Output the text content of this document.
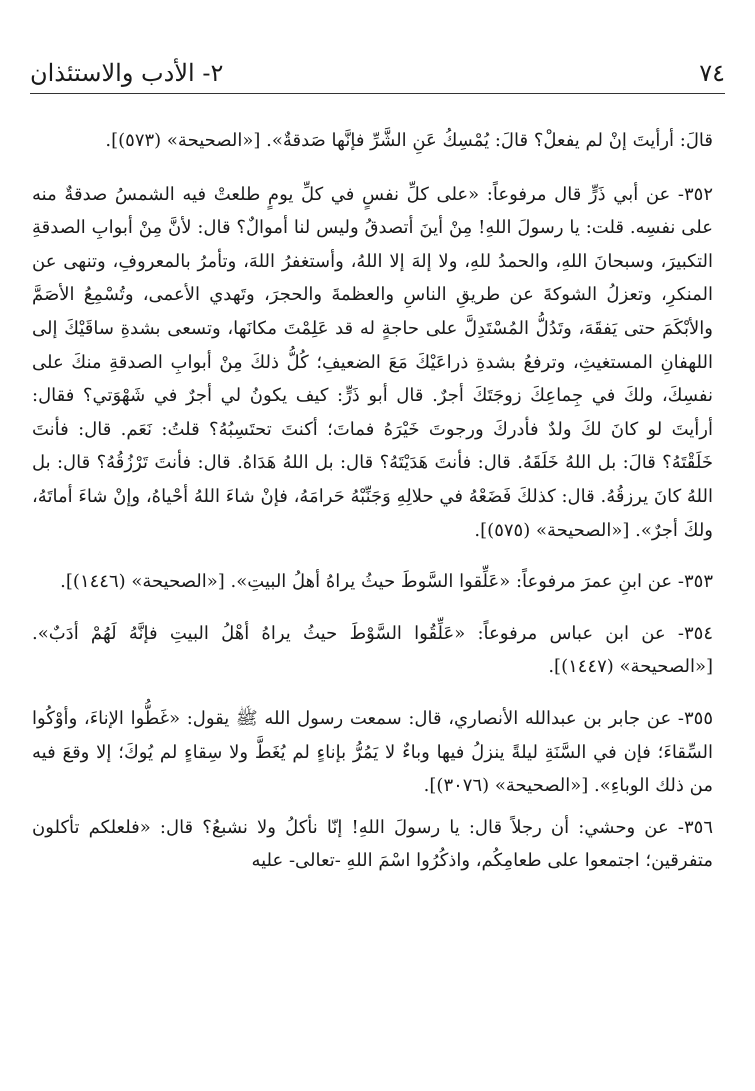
٧٤
٢- الأدب والاستئذان

قالَ: أرأيتَ إنْ لم يفعلْ؟ قالَ: يُمْسِكُ عَنِ الشَّرِّ فإنَّها صَدقةٌ». [«الصحيحة» (٥٧٣)].

٣٥٢- عن أبي ذَرٍّ قال مرفوعاً: «على كلِّ نفسٍ في كلِّ يومٍ طلعتْ فيه الشمسُ صدقةٌ منه على نفسِه. قلت: يا رسولَ اللهِ! مِنْ أينَ أتصدقُ وليس لنا أموالٌ؟ قال: لأنَّ مِنْ أبوابِ الصدقةِ التكبيرَ، وسبحانَ اللهِ، والحمدُ للهِ، ولا إلهَ إلا اللهُ، وأستغفرُ اللهَ، وتأمرُ بالمعروفِ، وتنهى عن المنكرِ، وتعزلُ الشوكةَ عن طريقِ الناسِ والعظمةَ والحجرَ، وتَهدي الأعمى، وتُسْمِعُ الأصَمَّ والأبْكَمَ حتى يَفقَهَ، وتَدُلُّ المُسْتَدِلَّ على حاجةٍ له قد عَلِمْتَ مكانَها، وتسعى بشدةِ ساقَيْكَ إلى اللهفانِ المستغيثِ، وترفعُ بشدةِ ذراعَيْكَ مَعَ الضعيفِ؛ كُلُّ ذلكَ مِنْ أبوابِ الصدقةِ منكَ على نفسِكَ، ولكَ في جِماعِكَ زوجَتَكَ أجرٌ. قال أبو ذَرٍّ: كيف يكونُ لي أجرٌ في شَهْوَتي؟ فقال: أرأيتَ لو كانَ لكَ ولدٌ فأدركَ ورجوتَ خَيْرَهُ فماتَ؛ أكنتَ تحتَسِبُهُ؟ قلتُ: نَعَم. قال: فأنتَ خَلَقْتَهُ؟ قالَ: بل اللهُ خَلَقَهُ. قال: فأنتَ هَدَيْتَهُ؟ قال: بل اللهُ هَدَاهُ. قال: فأنتَ تَرْزُقُهُ؟ قال: بل اللهُ كانَ يرزقُهُ. قال: كذلكَ فَضَعْهُ في حلالِهِ وَجَنِّبْهُ حَرامَهُ، فإنْ شاءَ اللهُ أحْياهُ، وإنْ شاءَ أماتَهُ، ولكَ أجرٌ». [«الصحيحة» (٥٧٥)].

٣٥٣- عن ابنِ عمرَ مرفوعاً: «عَلِّقوا السَّوطَ حيثُ يراهُ أهلُ البيتِ». [«الصحيحة» (١٤٤٦)].

٣٥٤- عن ابن عباس مرفوعاً: «عَلِّقُوا السَّوْطَ حيثُ يراهُ أهْلُ البيتِ فإنَّهُ لَهُمْ أدَبٌ». [«الصحيحة» (١٤٤٧)].

٣٥٥- عن جابر بن عبدالله الأنصاري، قال: سمعت رسول الله ﷺ يقول: «غَطُّوا الإناءَ، وأوْكُوا السِّقاءَ؛ فإن في السَّنَةِ ليلةً ينزلُ فيها وباءٌ لا يَمُرُّ بإناءٍ لم يُغَطَّ ولا سِقاءٍ لم يُوكَ؛ إلا وقعَ فيه من ذلك الوباءِ». [«الصحيحة» (٣٠٧٦)].

٣٥٦- عن وحشي: أن رجلاً قال: يا رسولَ اللهِ! إنّا نأكلُ ولا نشبعُ؟ قال: «فلعلكم تأكلون متفرقين؛ اجتمعوا على طعامِكُم، واذكُرُوا اسْمَ اللهِ -تعالى- عليه
